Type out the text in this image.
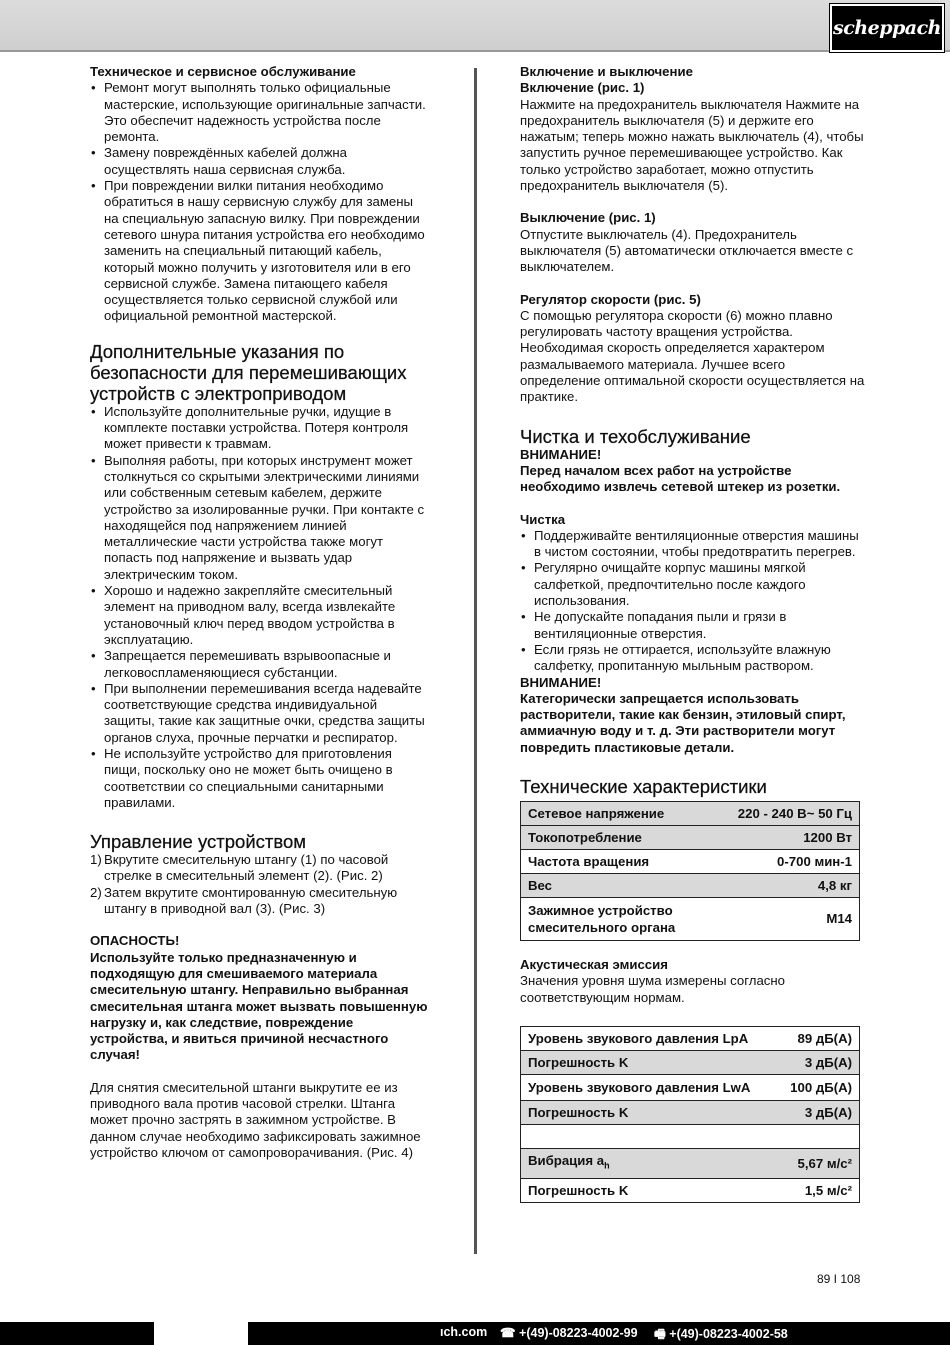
scheppach

Техническое и сервисное обслуживание

• Ремонт могут выполнять только официальные мастерские, использующие оригинальные запчасти. Это обеспечит надежность устройства после ремонта.
• Замену повреждённых кабелей должна осуществлять наша сервисная служба.
• При повреждении вилки питания необходимо обратиться в нашу сервисную службу для замены на специальную запасную вилку. При повреждении сетевого шнура питания устройства его необходимо заменить на специальный питающий кабель, который можно получить у изготовителя или в его сервисной службе. Замена питающего кабеля осуществляется только сервисной службой или официальной ремонтной мастерской.
Дополнительные указания по безопасности для перемешивающих устройств с электроприводом
• Используйте дополнительные ручки, идущие в комплекте поставки устройства. Потеря контроля может привести к травмам.
• Выполняя работы, при которых инструмент может столкнуться со скрытыми электрическими линиями или собственным сетевым кабелем, держите устройство за изолированные ручки. При контакте с находящейся под напряжением линией металлические части устройства также могут попасть под напряжение и вызвать удар электрическим током.
• Хорошо и надежно закрепляйте смесительный элемент на приводном валу, всегда извлекайте установочный ключ перед вводом устройства в эксплуатацию.
• Запрещается перемешивать взрывоопасные и легковоспламеняющиеся субстанции.
• При выполнении перемешивания всегда надевайте соответствующие средства индивидуальной защиты, такие как защитные очки, средства защиты органов слуха, прочные перчатки и респиратор.
• Не используйте устройство для приготовления пищи, поскольку оно не может быть очищено в соответствии со специальными санитарными правилами.
Управление устройством
1) Вкрутите смесительную штангу (1) по часовой стрелке в смесительный элемент (2). (Рис. 2)
2) Затем вкрутите смонтированную смесительную штангу в приводной вал (3). (Рис. 3)

ОПАСНОСТЬ!

Используйте только предназначенную и подходящую для смешиваемого материала смесительную штангу. Неправильно выбранная смесительная штанга может вызвать повышенную нагрузку и, как следствие, повреждение устройства, и явиться причиной несчастного случая!

Для снятия смесительной штанги выкрутите ее из приводного вала против часовой стрелки. Штанга может прочно застрять в зажимном устройстве. В данном случае необходимо зафиксировать зажимное устройство ключом от самопроворачивания. (Рис. 4)

Включение и выключение

Включение (рис. 1)

Нажмите на предохранитель выключателя Нажмите на предохранитель выключателя (5) и держите его нажатым; теперь можно нажать выключатель (4), чтобы запустить ручное перемешивающее устройство. Как только устройство заработает, можно отпустить предохранитель выключателя (5).

Выключение (рис. 1)

Отпустите выключатель (4). Предохранитель выключателя (5) автоматически отключается вместе с выключателем.

Регулятор скорости (рис. 5)

С помощью регулятора скорости (6) можно плавно регулировать частоту вращения устройства. Необходимая скорость определяется характером размалываемого материала. Лучшее всего определение оптимальной скорости осуществляется на практике.

Чистка и техобслуживание

ВНИМАНИЕ!

Перед началом всех работ на устройстве необходимо извлечь сетевой штекер из розетки.

Чистка

• Поддерживайте вентиляционные отверстия машины в чистом состоянии, чтобы предотвратить перегрев.
• Регулярно очищайте корпус машины мягкой салфеткой, предпочтительно после каждого использования.
• Не допускайте попадания пыли и грязи в вентиляционные отверстия.
• Если грязь не оттирается, используйте влажную салфетку, пропитанную мыльным раствором.

ВНИМАНИЕ!

Категорически запрещается использовать растворители, такие как бензин, этиловый спирт, аммиачную воду и т. д. Эти растворители могут повредить пластиковые детали.

Технические характеристики
Сетевое напряжение	220 - 240 В~ 50 Гц
Токопотребление	1200 Вт
Частота вращения	0-700 мин-1
Вес	4,8 кг
Зажимное устройство смесительного органа	M14

Акустическая эмиссия

Значения уровня шума измерены согласно соответствующим нормам.

Уровень звукового давления LpA	89 дБ(A)
Погрешность K	3 дБ(A)
Уровень звукового давления LwA	100 дБ(A)
Погрешность K	3 дБ(A)

Вибрация $a_h$	5,67 м/с²
Погрешность K	1,5 м/с²
89 I 108
ıch.com ☎ +(49)-08223-4002-99 🖷 +(49)-08223-4002-58
